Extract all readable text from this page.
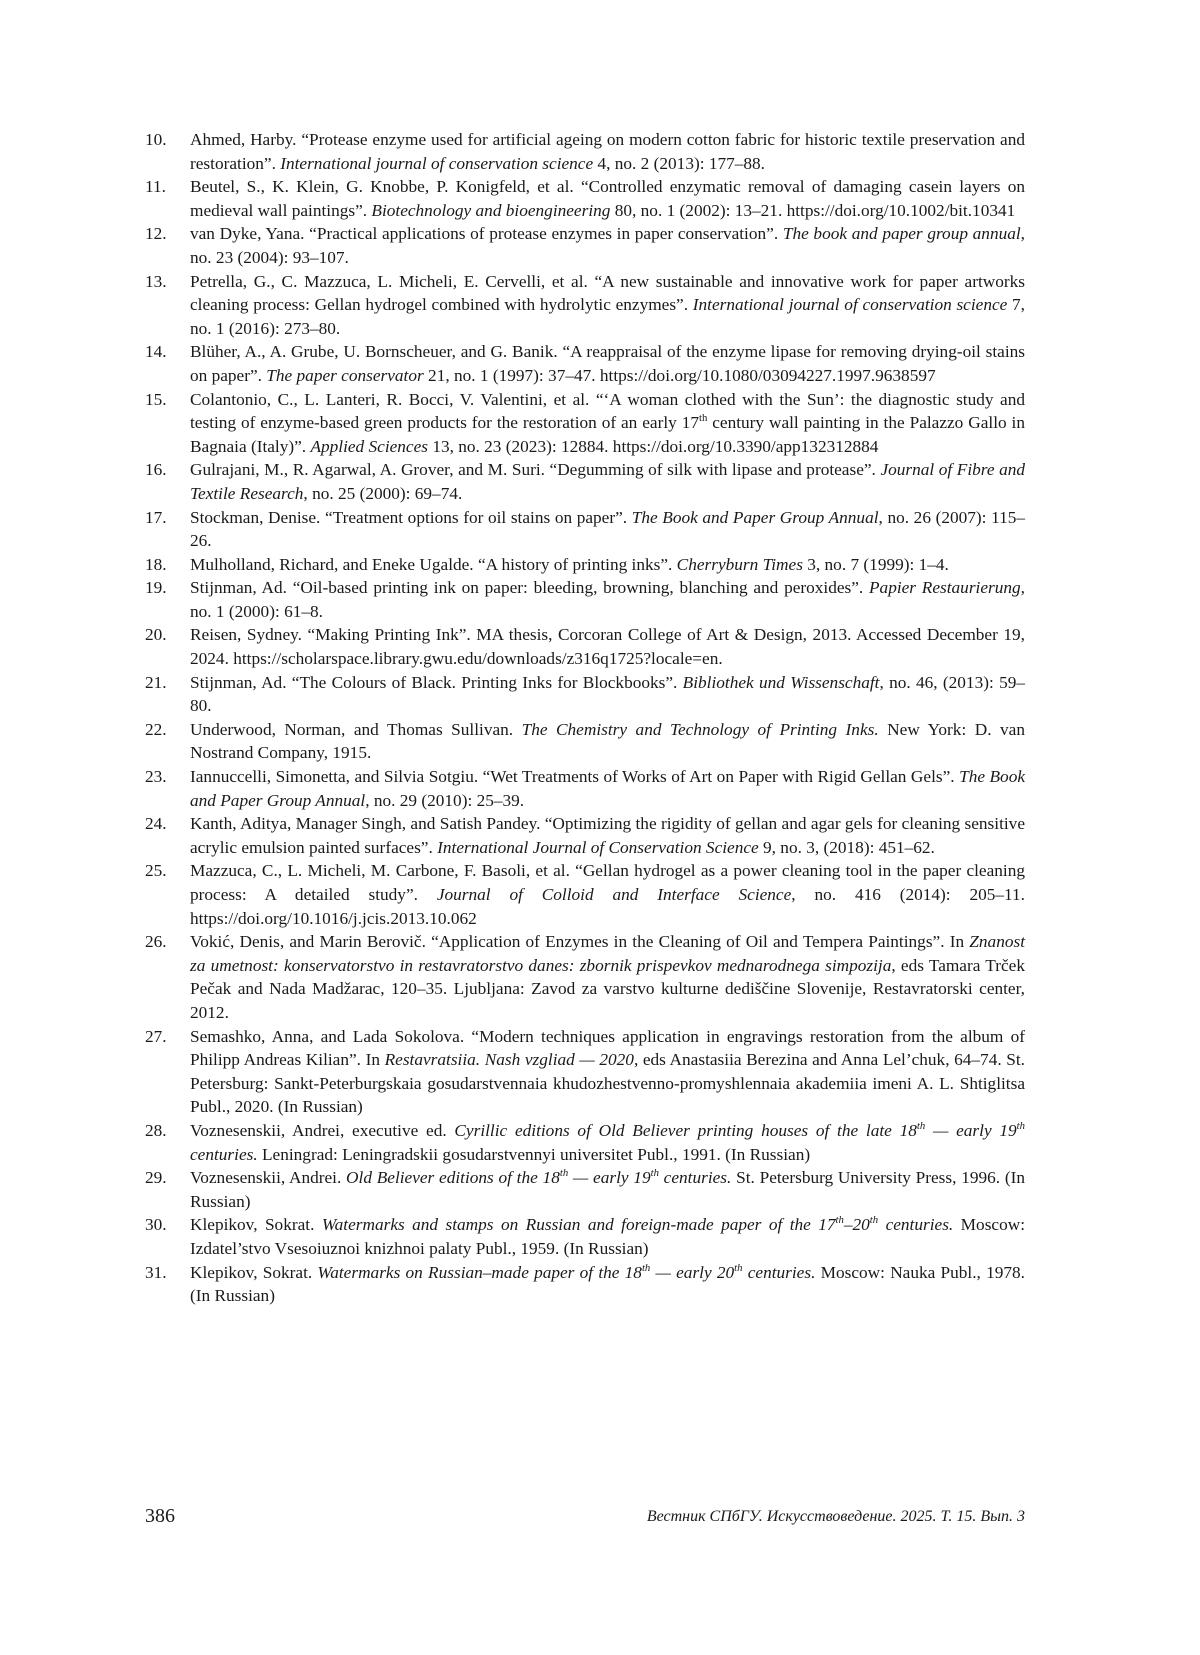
10.	Ahmed, Harby. “Protease enzyme used for artificial ageing on modern cotton fabric for historic textile preservation and restoration”. International journal of conservation science 4, no. 2 (2013): 177–88.
11.	Beutel, S., K. Klein, G. Knobbe, P. Konigfeld, et al. “Controlled enzymatic removal of damaging casein layers on medieval wall paintings”. Biotechnology and bioengineering 80, no. 1 (2002): 13–21. https://doi.org/10.1002/bit.10341
12.	van Dyke, Yana. “Practical applications of protease enzymes in paper conservation”. The book and paper group annual, no. 23 (2004): 93–107.
13.	Petrella, G., C. Mazzuca, L. Micheli, E. Cervelli, et al. “A new sustainable and innovative work for paper artworks cleaning process: Gellan hydrogel combined with hydrolytic enzymes”. International journal of conservation science 7, no. 1 (2016): 273–80.
14.	Blüher, A., A. Grube, U. Bornscheuer, and G. Banik. “A reappraisal of the enzyme lipase for removing drying-oil stains on paper”. The paper conservator 21, no. 1 (1997): 37–47. https://doi.org/10.1080/03094227.1997.9638597
15.	Colantonio, C., L. Lanteri, R. Bocci, V. Valentini, et al. “‘A woman clothed with the Sun’: the diagnostic study and testing of enzyme-based green products for the restoration of an early 17th century wall painting in the Palazzo Gallo in Bagnaia (Italy)”. Applied Sciences 13, no. 23 (2023): 12884. https://doi.org/10.3390/app132312884
16.	Gulrajani, M., R. Agarwal, A. Grover, and M. Suri. “Degumming of silk with lipase and protease”. Journal of Fibre and Textile Research, no. 25 (2000): 69–74.
17.	Stockman, Denise. “Treatment options for oil stains on paper”. The Book and Paper Group Annual, no. 26 (2007): 115–26.
18.	Mulholland, Richard, and Eneke Ugalde. “A history of printing inks”. Cherryburn Times 3, no. 7 (1999): 1–4.
19.	Stijnman, Ad. “Oil-based printing ink on paper: bleeding, browning, blanching and peroxides”. Papier Restaurierung, no. 1 (2000): 61–8.
20.	Reisen, Sydney. “Making Printing Ink”. MA thesis, Corcoran College of Art & Design, 2013. Accessed December 19, 2024. https://scholarspace.library.gwu.edu/downloads/z316q1725?locale=en.
21.	Stijnman, Ad. “The Colours of Black. Printing Inks for Blockbooks”. Bibliothek und Wissenschaft, no. 46, (2013): 59–80.
22.	Underwood, Norman, and Thomas Sullivan. The Chemistry and Technology of Printing Inks. New York: D. van Nostrand Company, 1915.
23.	Iannuccelli, Simonetta, and Silvia Sotgiu. “Wet Treatments of Works of Art on Paper with Rigid Gellan Gels”. The Book and Paper Group Annual, no. 29 (2010): 25–39.
24.	Kanth, Aditya, Manager Singh, and Satish Pandey. “Optimizing the rigidity of gellan and agar gels for cleaning sensitive acrylic emulsion painted surfaces”. International Journal of Conservation Science 9, no. 3, (2018): 451–62.
25.	Mazzuca, C., L. Micheli, M. Carbone, F. Basoli, et al. “Gellan hydrogel as a power cleaning tool in the paper cleaning process: A detailed study”. Journal of Colloid and Interface Science, no. 416 (2014): 205–11. https://doi.org/10.1016/j.jcis.2013.10.062
26.	Vokić, Denis, and Marin Berovič. “Application of Enzymes in the Cleaning of Oil and Tempera Paintings”. In Znanost za umetnost: konservatorstvo in restavratorstvo danes: zbornik prispevkov mednarodnega simpozija, eds Tamara Trček Pečak and Nada Madžarac, 120–35. Ljubljana: Zavod za varstvo kulturne dediščine Slovenije, Restavratorski center, 2012.
27.	Semashko, Anna, and Lada Sokolova. “Modern techniques application in engravings restoration from the album of Philipp Andreas Kilian”. In Restavratsiia. Nash vzgliad — 2020, eds Anastasiia Berezina and Anna Lel’chuk, 64–74. St. Petersburg: Sankt-Peterburgskaia gosudarstvennaia khudozhestvenno-promyshlennaia akademiia imeni A. L. Shtiglitsa Publ., 2020. (In Russian)
28.	Voznesenskii, Andrei, executive ed. Cyrillic editions of Old Believer printing houses of the late 18th — early 19th centuries. Leningrad: Leningradskii gosudarstvennyi universitet Publ., 1991. (In Russian)
29.	Voznesenskii, Andrei. Old Believer editions of the 18th — early 19th centuries. St. Petersburg University Press, 1996. (In Russian)
30.	Klepikov, Sokrat. Watermarks and stamps on Russian and foreign-made paper of the 17th–20th centuries. Moscow: Izdatel’stvo Vsesoiuznoi knizhnoi palaty Publ., 1959. (In Russian)
31.	Klepikov, Sokrat. Watermarks on Russian–made paper of the 18th — early 20th centuries. Moscow: Nauka Publ., 1978. (In Russian)
386	Вестник СПбГУ. Искусствоведение. 2025. Т. 15. Вып. 3
